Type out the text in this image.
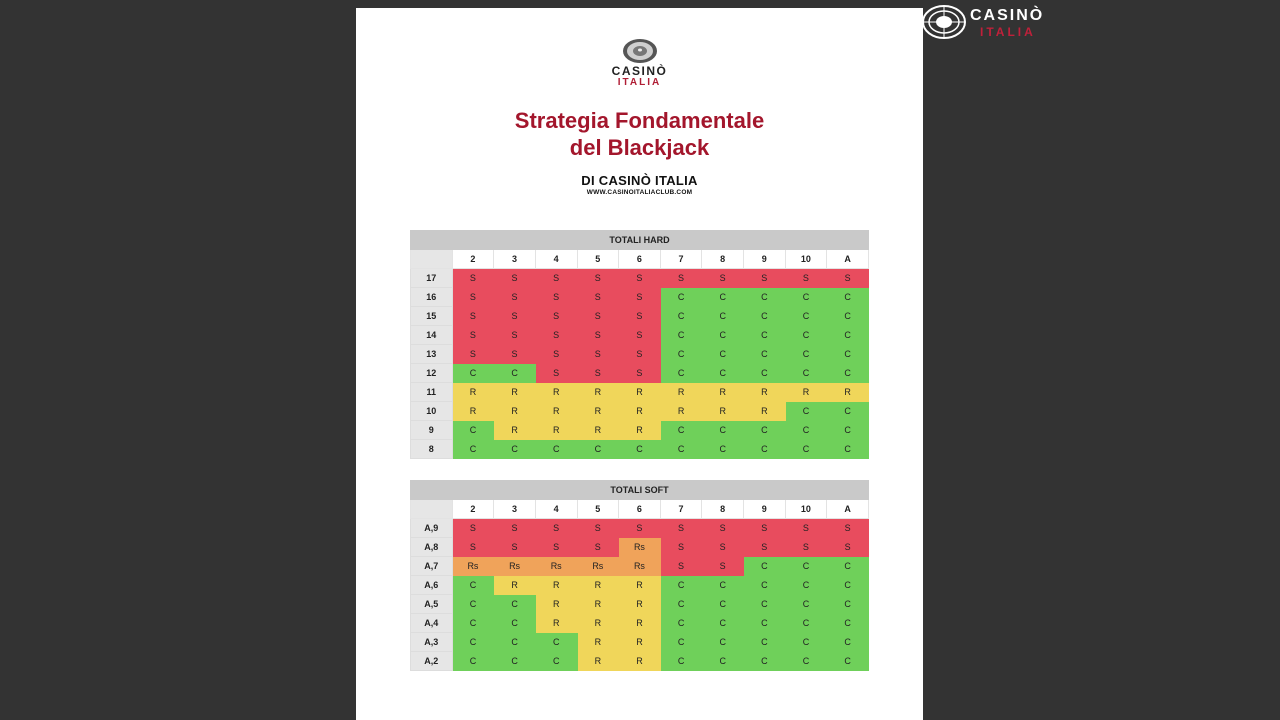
CASINÒ
ITALIA
CASINÒ
ITALIA
Strategia Fondamentale
del Blackjack
DI CASINÒ ITALIA
WWW.CASINOITALIACLUB.COM
TOTALI HARD										
	2	3	4	5	6	7	8	9	10	A
17	S	S	S	S	S	S	S	S	S	S
16	S	S	S	S	S	C	C	C	C	C
15	S	S	S	S	S	C	C	C	C	C
14	S	S	S	S	S	C	C	C	C	C
13	S	S	S	S	S	C	C	C	C	C
12	C	C	S	S	S	C	C	C	C	C
11	R	R	R	R	R	R	R	R	R	R
10	R	R	R	R	R	R	R	R	C	C
9	C	R	R	R	R	C	C	C	C	C
8	C	C	C	C	C	C	C	C	C	C
TOTALI SOFT										
	2	3	4	5	6	7	8	9	10	A
A,9	S	S	S	S	S	S	S	S	S	S
A,8	S	S	S	S	Rs	S	S	S	S	S
A,7	Rs	Rs	Rs	Rs	Rs	S	S	C	C	C
A,6	C	R	R	R	R	C	C	C	C	C
A,5	C	C	R	R	R	C	C	C	C	C
A,4	C	C	R	R	R	C	C	C	C	C
A,3	C	C	C	R	R	C	C	C	C	C
A,2	C	C	C	R	R	C	C	C	C	C
